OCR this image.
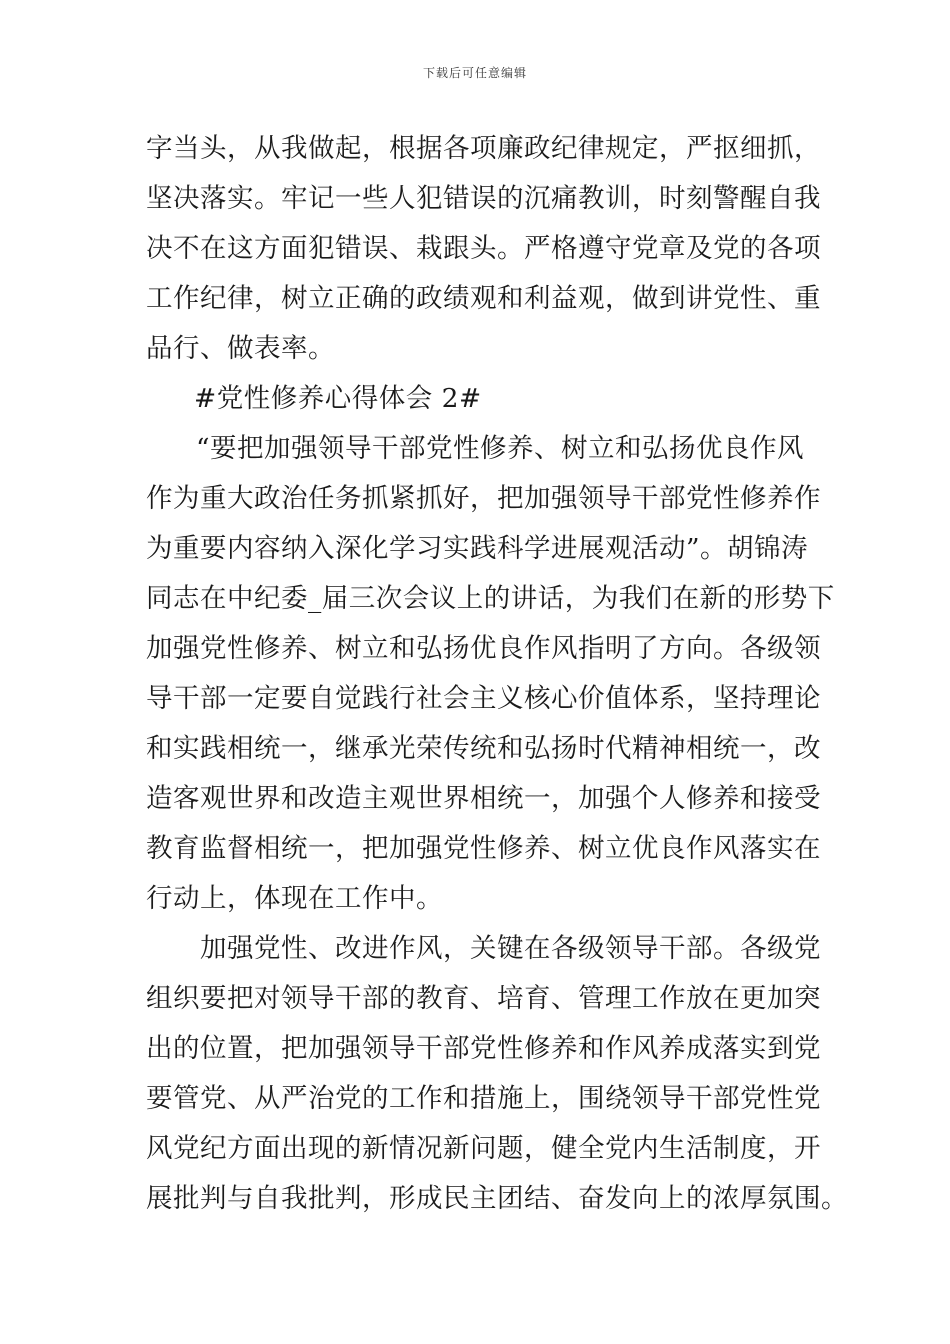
下载后可任意编辑
字当头，从我做起，根据各项廉政纪律规定，严抠细抓，
坚决落实。牢记一些人犯错误的沉痛教训，时刻警醒自我
决不在这方面犯错误、栽跟头。严格遵守党章及党的各项
工作纪律，树立正确的政绩观和利益观，做到讲党性、重
品行、做表率。
#党性修养心得体会 2#
“要把加强领导干部党性修养、树立和弘扬优良作风
作为重大政治任务抓紧抓好，把加强领导干部党性修养作
为重要内容纳入深化学习实践科学进展观活动”。胡锦涛
同志在中纪委_届三次会议上的讲话，为我们在新的形势下
加强党性修养、树立和弘扬优良作风指明了方向。各级领
导干部一定要自觉践行社会主义核心价值体系，坚持理论
和实践相统一，继承光荣传统和弘扬时代精神相统一，改
造客观世界和改造主观世界相统一，加强个人修养和接受
教育监督相统一，把加强党性修养、树立优良作风落实在
行动上，体现在工作中。
加强党性、改进作风，关键在各级领导干部。各级党
组织要把对领导干部的教育、培育、管理工作放在更加突
出的位置，把加强领导干部党性修养和作风养成落实到党
要管党、从严治党的工作和措施上，围绕领导干部党性党
风党纪方面出现的新情况新问题，健全党内生活制度，开
展批判与自我批判，形成民主团结、奋发向上的浓厚氛围。
